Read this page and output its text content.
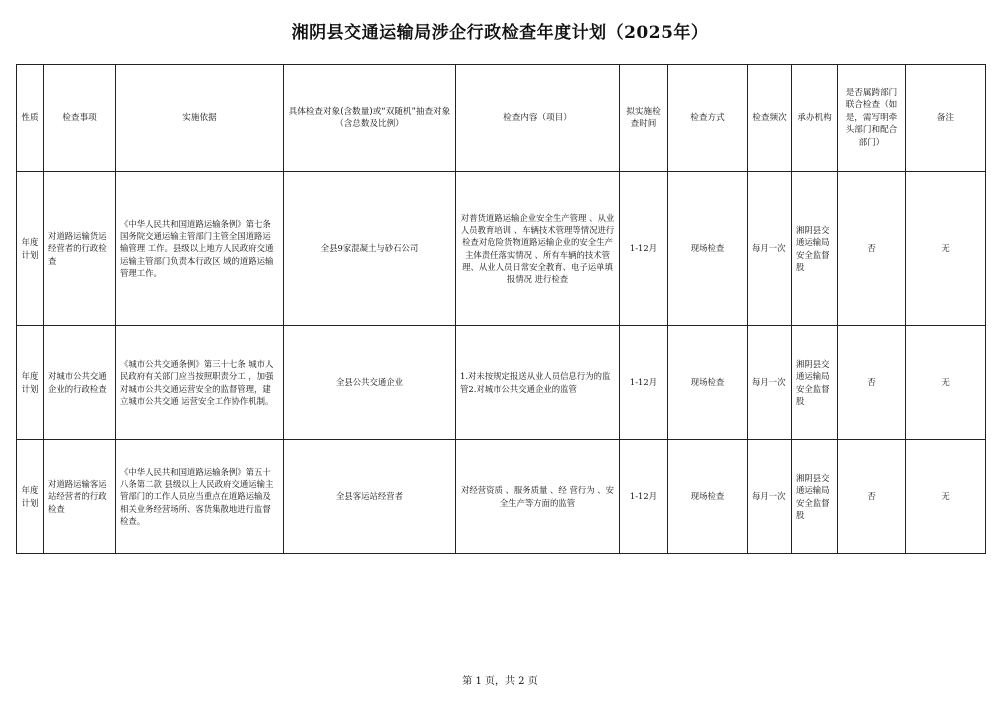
湘阴县交通运输局涉企行政检查年度计划（2025年）
性质	检查事项	实施依据	具体检查对象(含数量)或“双随机”抽查对象（含总数及比例）	检查内容（项目）	拟实施检查时间	检查方式	检查频次	承办机构	是否属跨部门联合检查（如是，需写明牵头部门和配合部门）	备注
年度计划	对道路运输货运经营者的行政检查	《中华人民共和国道路运输条例》第七条 国务院交通运输主管部门主管全国道路运输管理 工作。县级以上地方人民政府交通运输主管部门负责本行政区 域的道路运输管理工作。	全县9家混凝土与砂石公司	对普货道路运输企业安全生产管理 、从业人员教育培训 、车辆技术管理等情况进行检查对危险货物道路运输企业的安全生产主体责任落实情况 、所有车辆的技术管理、从业人员日常安全教育、电子运单填报情况 进行检查	1-12月	现场检查	每月一次	湘阴县交通运输局安全监督股	否	无
年度计划	对城市公共交通企业的行政检查	《城市公共交通条例》第三十七条 城市人民政府有关部门应当按照职责分工 ，加强对城市公共交通运营安全的监督管理，建立城市公共交通 运营安全工作协作机制。	全县公共交通企业	1.对未按规定报送从业人员信息行为的监管2.对城市公共交通企业的监管	1-12月	现场检查	每月一次	湘阴县交通运输局安全监督股	否	无
年度计划	对道路运输客运站经营者的行政检查	《中华人民共和国道路运输条例》第五十八条第二款 县级以上人民政府交通运输主管部门的工作人员应当重点在道路运输及相关业务经营场所、客货集散地进行监督检查。	全县客运站经营者	对经营资质 、服务质量 、经 营行为 、安全生产等方面的监管	1-12月	现场检查	每月一次	湘阴县交通运输局安全监督股	否	无
第 1 页，共 2 页
